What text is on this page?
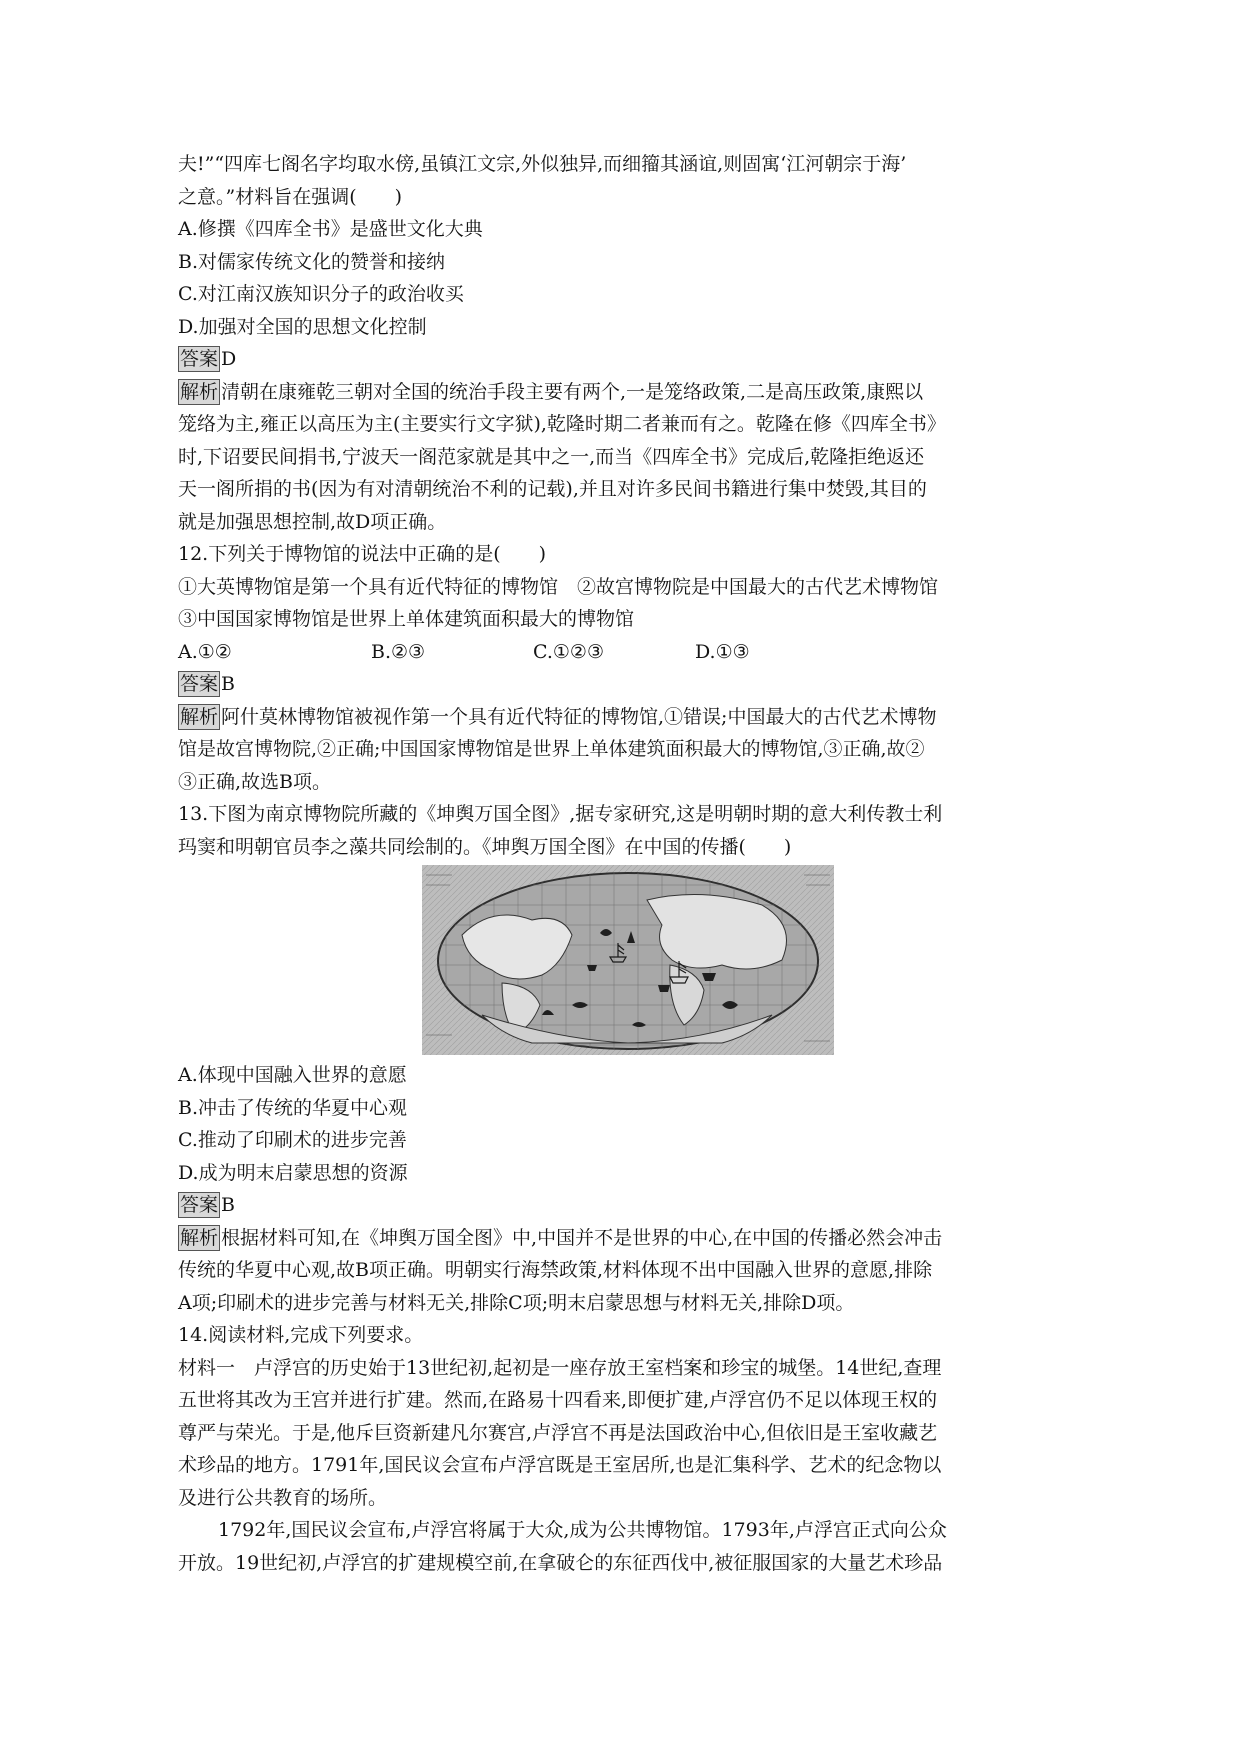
夫!”“四库七阁名字均取水傍,虽镇江文宗,外似独异,而细籀其涵谊,则固寓‘江河朝宗于海’
之意。”材料旨在强调(　　)
A.修撰《四库全书》是盛世文化大典
B.对儒家传统文化的赞誉和接纳
C.对江南汉族知识分子的政治收买
D.加强对全国的思想文化控制
答案 D
解析 清朝在康雍乾三朝对全国的统治手段主要有两个,一是笼络政策,二是高压政策,康熙以
笼络为主,雍正以高压为主(主要实行文字狱),乾隆时期二者兼而有之。乾隆在修《四库全书》
时,下诏要民间捐书,宁波天一阁范家就是其中之一,而当《四库全书》完成后,乾隆拒绝返还
天一阁所捐的书(因为有对清朝统治不利的记载),并且对许多民间书籍进行集中焚毁,其目的
就是加强思想控制,故D项正确。
12.下列关于博物馆的说法中正确的是(　　)
①大英博物馆是第一个具有近代特征的博物馆　②故宫博物院是中国最大的古代艺术博物馆
③中国国家博物馆是世界上单体建筑面积最大的博物馆
A.①②	B.②③	C.①②③	D.①③
答案 B
解析 阿什莫林博物馆被视作第一个具有近代特征的博物馆,①错误;中国最大的古代艺术博物
馆是故宫博物院,②正确;中国国家博物馆是世界上单体建筑面积最大的博物馆,③正确,故②
③正确,故选B项。
13.下图为南京博物院所藏的《坤舆万国全图》,据专家研究,这是明朝时期的意大利传教士利
玛窦和明朝官员李之藻共同绘制的。《坤舆万国全图》在中国的传播(　　)
A.体现中国融入世界的意愿
B.冲击了传统的华夏中心观
C.推动了印刷术的进步完善
D.成为明末启蒙思想的资源
答案 B
解析 根据材料可知,在《坤舆万国全图》中,中国并不是世界的中心,在中国的传播必然会冲击
传统的华夏中心观,故B项正确。明朝实行海禁政策,材料体现不出中国融入世界的意愿,排除
A项;印刷术的进步完善与材料无关,排除C项;明末启蒙思想与材料无关,排除D项。
14.阅读材料,完成下列要求。
材料一　卢浮宫的历史始于13世纪初,起初是一座存放王室档案和珍宝的城堡。14世纪,查理
五世将其改为王宫并进行扩建。然而,在路易十四看来,即便扩建,卢浮宫仍不足以体现王权的
尊严与荣光。于是,他斥巨资新建凡尔赛宫,卢浮宫不再是法国政治中心,但依旧是王室收藏艺
术珍品的地方。1791年,国民议会宣布卢浮宫既是王室居所,也是汇集科学、艺术的纪念物以
及进行公共教育的场所。
1792年,国民议会宣布,卢浮宫将属于大众,成为公共博物馆。1793年,卢浮宫正式向公众
开放。19世纪初,卢浮宫的扩建规模空前,在拿破仑的东征西伐中,被征服国家的大量艺术珍品
